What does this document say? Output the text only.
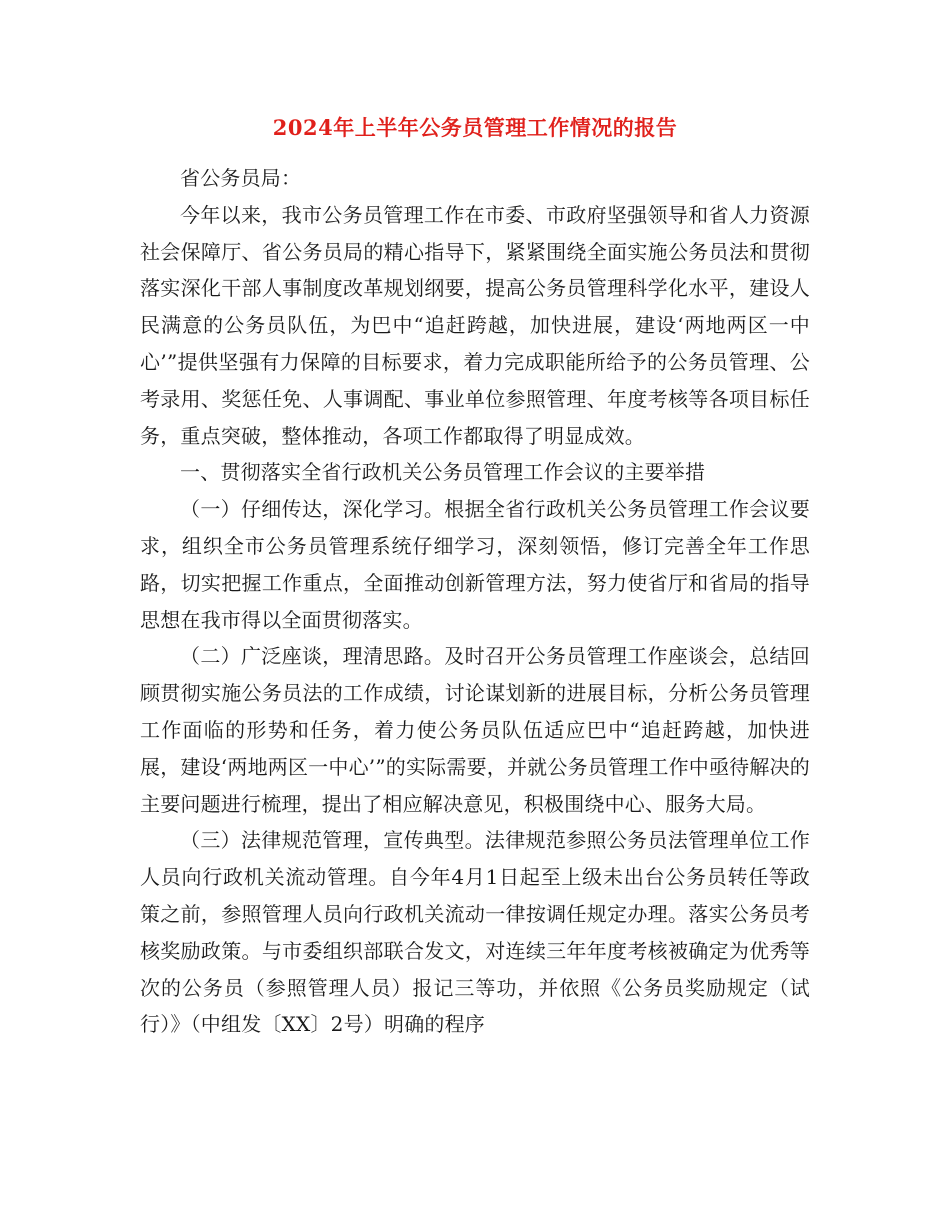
2024年上半年公务员管理工作情况的报告

省公务员局：

今年以来，我市公务员管理工作在市委、市政府坚强领导和省人力资源社会保障厅、省公务员局的精心指导下，紧紧围绕全面实施公务员法和贯彻落实深化干部人事制度改革规划纲要，提高公务员管理科学化水平，建设人民满意的公务员队伍，为巴中“追赶跨越，加快进展，建设‘两地两区一中心’”提供坚强有力保障的目标要求，着力完成职能所给予的公务员管理、公考录用、奖惩任免、人事调配、事业单位参照管理、年度考核等各项目标任务，重点突破，整体推动，各项工作都取得了明显成效。

一、贯彻落实全省行政机关公务员管理工作会议的主要举措

（一）仔细传达，深化学习。根据全省行政机关公务员管理工作会议要求，组织全市公务员管理系统仔细学习，深刻领悟，修订完善全年工作思路，切实把握工作重点，全面推动创新管理方法，努力使省厅和省局的指导思想在我市得以全面贯彻落实。

（二）广泛座谈，理清思路。及时召开公务员管理工作座谈会，总结回顾贯彻实施公务员法的工作成绩，讨论谋划新的进展目标，分析公务员管理工作面临的形势和任务，着力使公务员队伍适应巴中“追赶跨越，加快进展，建设‘两地两区一中心’”的实际需要，并就公务员管理工作中亟待解决的主要问题进行梳理，提出了相应解决意见，积极围绕中心、服务大局。

（三）法律规范管理，宣传典型。法律规范参照公务员法管理单位工作人员向行政机关流动管理。自今年4月1日起至上级未出台公务员转任等政策之前，参照管理人员向行政机关流动一律按调任规定办理。落实公务员考核奖励政策。与市委组织部联合发文，对连续三年年度考核被确定为优秀等次的公务员（参照管理人员）报记三等功，并依照《公务员奖励规定（试行）》（中组发〔XX〕2号）明确的程序
